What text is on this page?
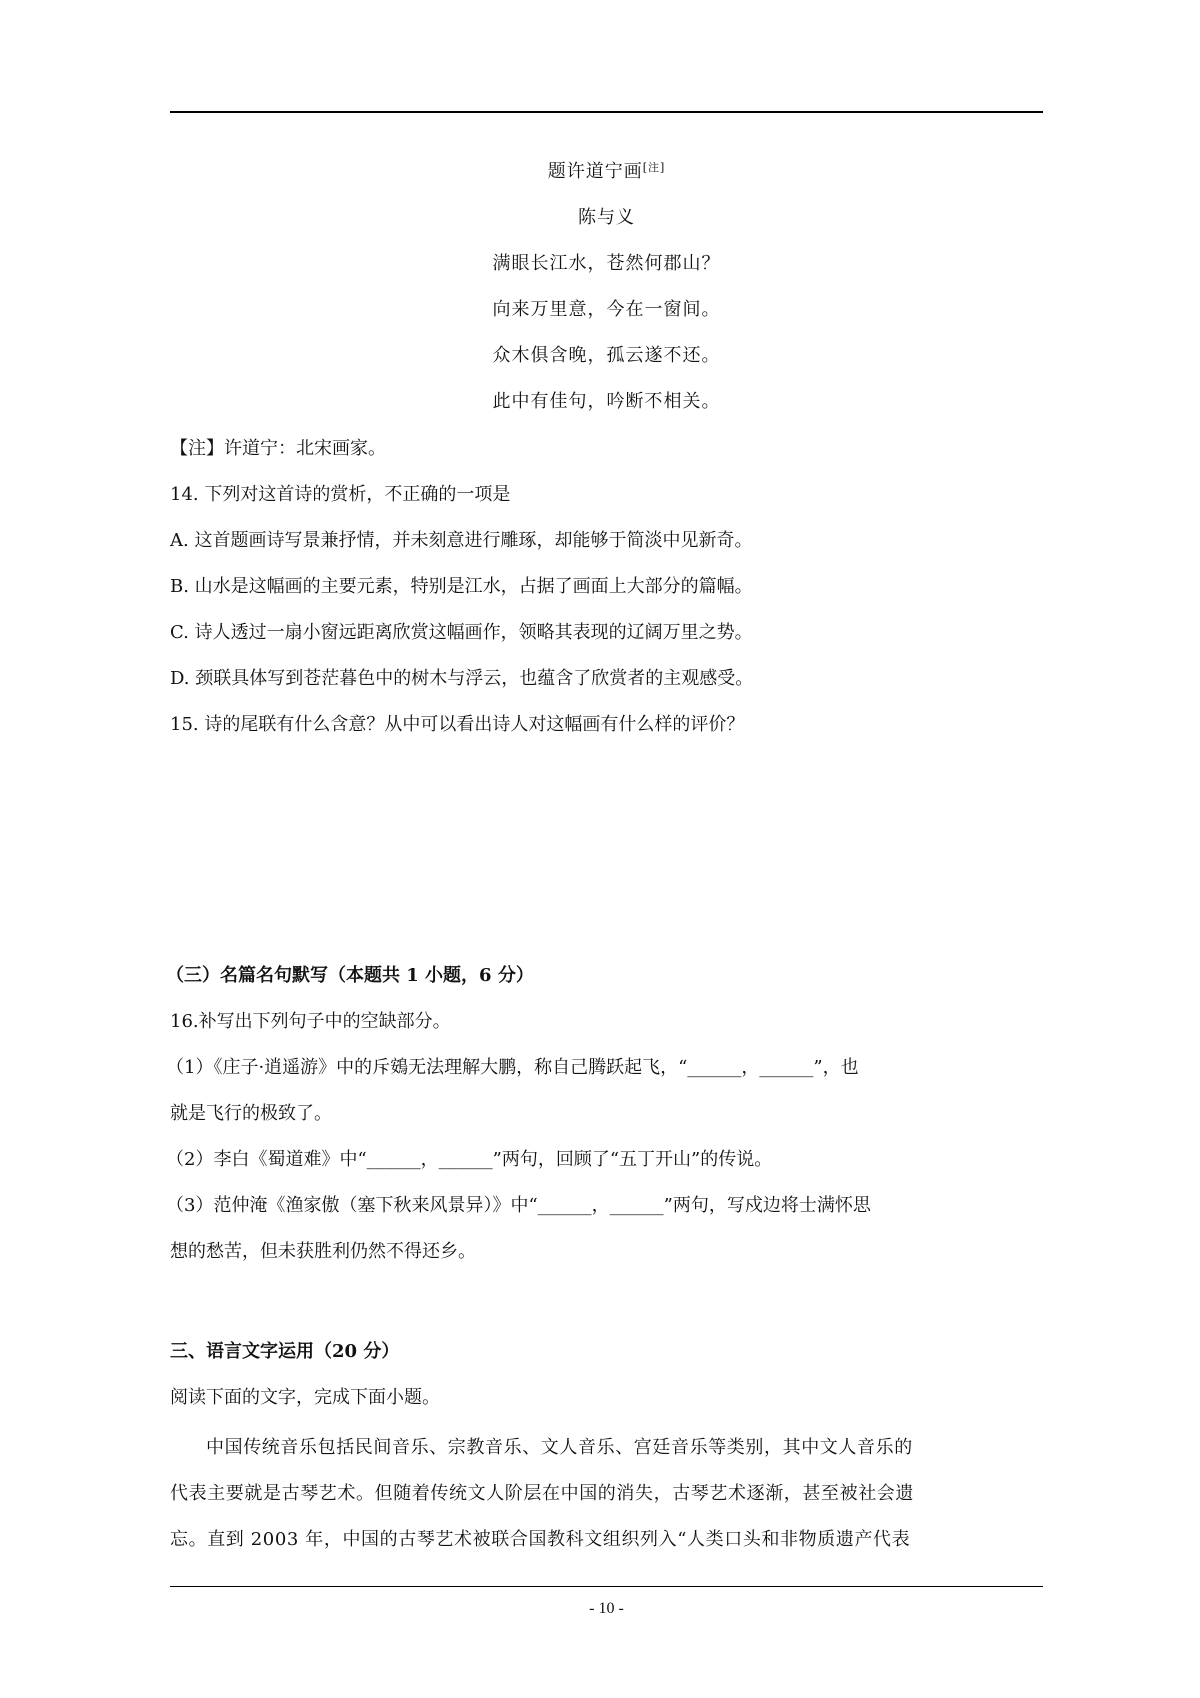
题许道宁画[注]
陈与义
满眼长江水，苍然何郡山？
向来万里意，今在一窗间。
众木俱含晚，孤云遂不还。
此中有佳句，吟断不相关。
【注】许道宁：北宋画家。
14. 下列对这首诗的赏析，不正确的一项是
A. 这首题画诗写景兼抒情，并未刻意进行雕琢，却能够于简淡中见新奇。
B. 山水是这幅画的主要元素，特别是江水，占据了画面上大部分的篇幅。
C. 诗人透过一扇小窗远距离欣赏这幅画作，领略其表现的辽阔万里之势。
D. 颈联具体写到苍茫暮色中的树木与浮云，也蕴含了欣赏者的主观感受。
15. 诗的尾联有什么含意？从中可以看出诗人对这幅画有什么样的评价？
（三）名篇名句默写（本题共 1 小题，6 分）
16.补写出下列句子中的空缺部分。
（1）《庄子·逍遥游》中的斥鴳无法理解大鹏，称自己腾跃起飞，“______，______”，也
就是飞行的极致了。
（2）李白《蜀道难》中“______，______”两句，回顾了“五丁开山”的传说。
（3）范仲淹《渔家傲（塞下秋来风景异）》中“______，______”两句，写戍边将士满怀思
想的愁苦，但未获胜利仍然不得还乡。
三、语言文字运用（20 分）
阅读下面的文字，完成下面小题。
中国传统音乐包括民间音乐、宗教音乐、文人音乐、宫廷音乐等类别，其中文人音乐的
代表主要就是古琴艺术。但随着传统文人阶层在中国的消失，古琴艺术逐渐，甚至被社会遗
忘。直到 2003 年，中国的古琴艺术被联合国教科文组织列入“人类口头和非物质遗产代表
- 10 -
